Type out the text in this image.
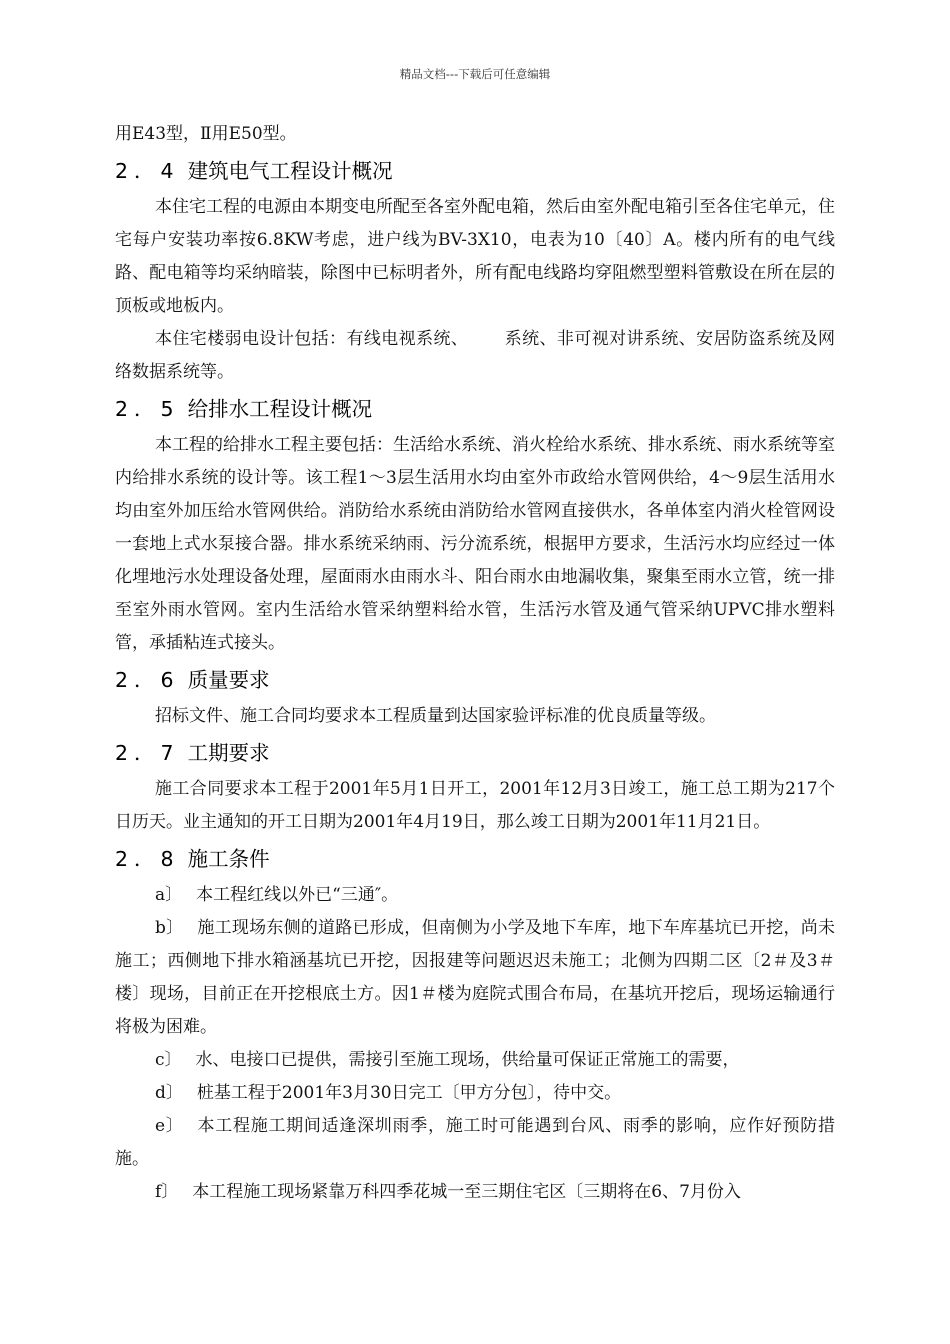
精品文档---下载后可任意编辑

用E43型，Ⅱ用E50型。

2．4 建筑电气工程设计概况

本住宅工程的电源由本期变电所配至各室外配电箱，然后由室外配电箱引至各住宅单元，住宅每户安装功率按6.8KW考虑，进户线为BV-3X10，电表为10〔40〕A。楼内所有的电气线路、配电箱等均采纳暗装，除图中已标明者外，所有配电线路均穿阻燃型塑料管敷设在所在层的顶板或地板内。

本住宅楼弱电设计包括：有线电视系统、 系统、非可视对讲系统、安居防盗系统及网络数据系统等。

2．5 给排水工程设计概况

本工程的给排水工程主要包括：生活给水系统、消火栓给水系统、排水系统、雨水系统等室内给排水系统的设计等。该工程1～3层生活用水均由室外市政给水管网供给，4～9层生活用水均由室外加压给水管网供给。消防给水系统由消防给水管网直接供水，各单体室内消火栓管网设一套地上式水泵接合器。排水系统采纳雨、污分流系统，根据甲方要求，生活污水均应经过一体化埋地污水处理设备处理，屋面雨水由雨水斗、阳台雨水由地漏收集，聚集至雨水立管，统一排至室外雨水管网。室内生活给水管采纳塑料给水管，生活污水管及通气管采纳UPVC排水塑料管，承插粘连式接头。

2．6 质量要求

招标文件、施工合同均要求本工程质量到达国家验评标准的优良质量等级。

2．7 工期要求

施工合同要求本工程于2001年5月1日开工，2001年12月3日竣工，施工总工期为217个日历天。业主通知的开工日期为2001年4月19日，那么竣工日期为2001年11月21日。

2．8 施工条件

a〕 本工程红线以外已“三通″。

b〕 施工现场东侧的道路已形成，但南侧为小学及地下车库，地下车库基坑已开挖，尚未施工；西侧地下排水箱涵基坑已开挖，因报建等问题迟迟未施工；北侧为四期二区〔2＃及3＃楼〕现场，目前正在开挖根底土方。因1＃楼为庭院式围合布局，在基坑开挖后，现场运输通行将极为困难。

c〕 水、电接口已提供，需接引至施工现场，供给量可保证正常施工的需要，

d〕 桩基工程于2001年3月30日完工〔甲方分包〕，待中交。

e〕 本工程施工期间适逢深圳雨季，施工时可能遇到台风、雨季的影响，应作好预防措施。

f〕 本工程施工现场紧靠万科四季花城一至三期住宅区〔三期将在6、7月份入
